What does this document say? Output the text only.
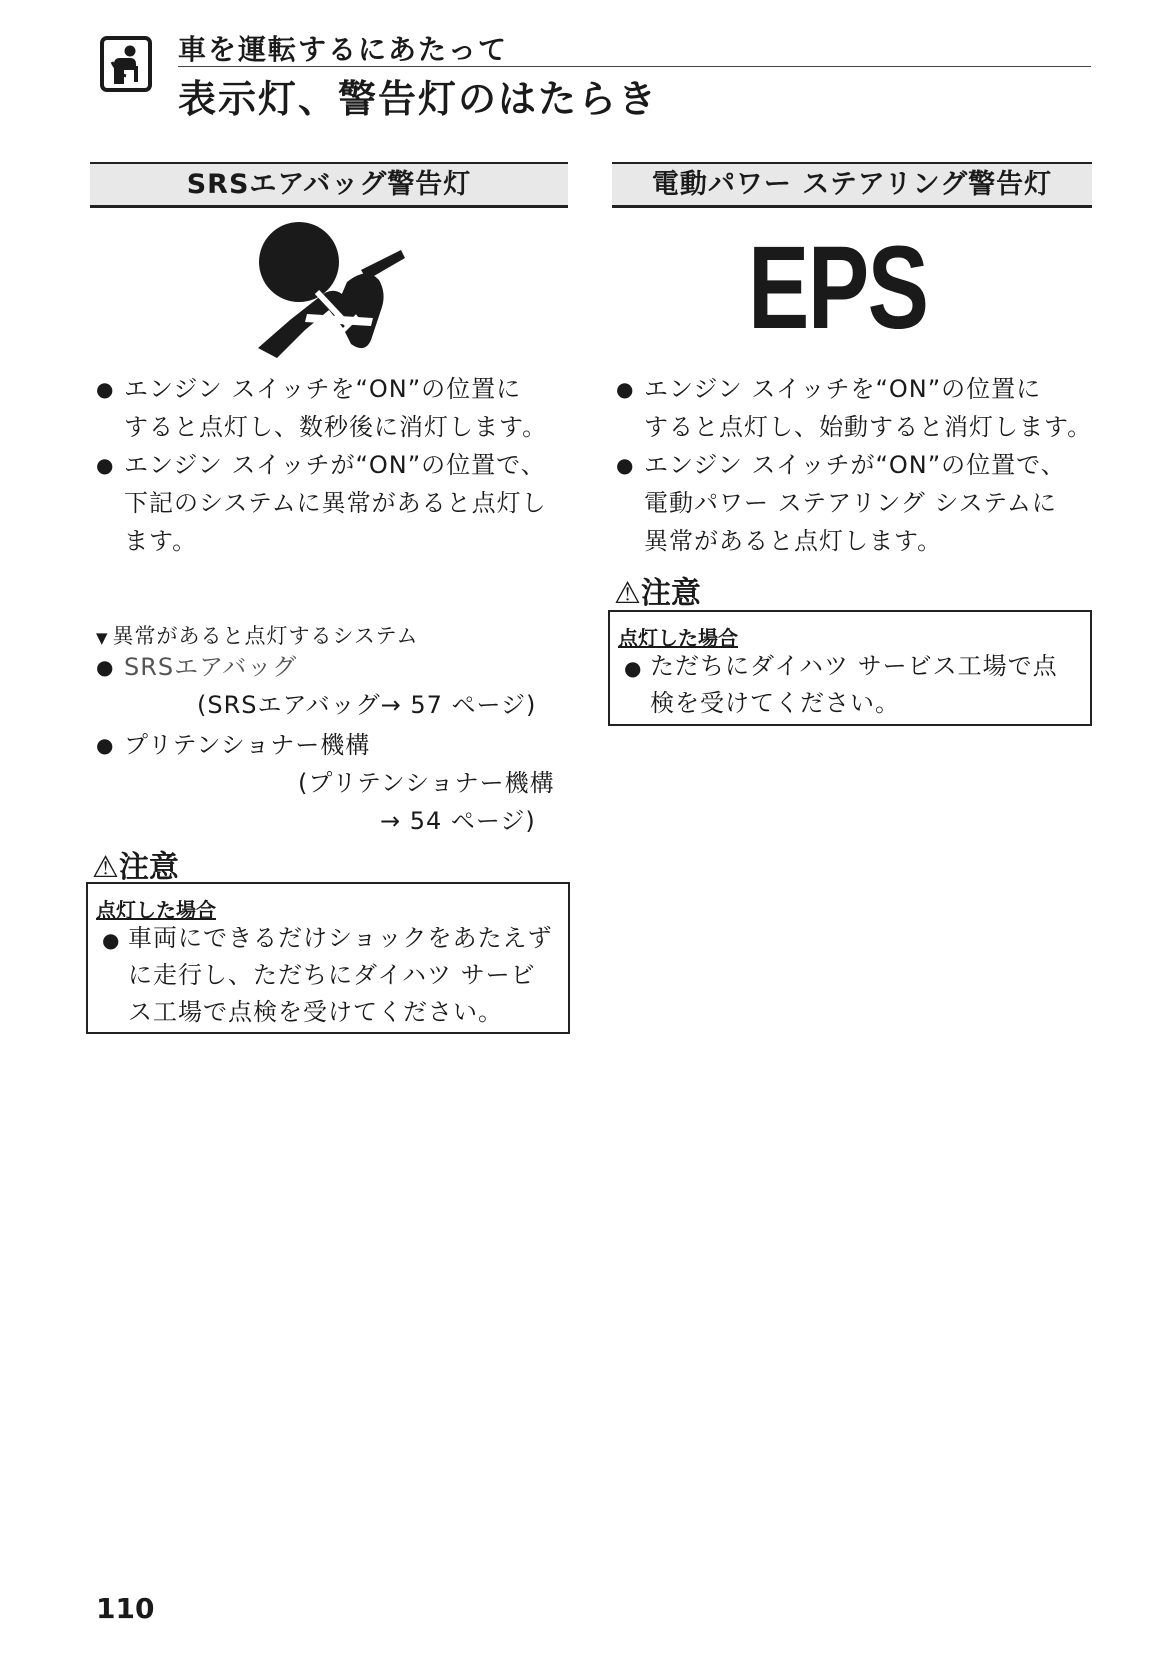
車を運転するにあたって
表示灯、警告灯のはたらき
SRSエアバッグ警告灯
● エンジン スイッチを“ON”の位置に
すると点灯し、数秒後に消灯します。
● エンジン スイッチが“ON”の位置で、
下記のシステムに異常があると点灯し
ます。
▼ 異常があると点灯するシステム
● SRSエアバッグ
(SRSエアバッグ→ 57 ページ)
● プリテンショナー機構
(プリテンショナー機構
→ 54 ページ)
⚠注意
点灯した場合
● 車両にできるだけショックをあたえず
に走行し、ただちにダイハツ サービ
ス工場で点検を受けてください。
電動パワー ステアリング警告灯
EPS
● エンジン スイッチを“ON”の位置に
すると点灯し、始動すると消灯します。
● エンジン スイッチが“ON”の位置で、
電動パワー ステアリング システムに
異常があると点灯します。
⚠注意
点灯した場合
● ただちにダイハツ サービス工場で点
検を受けてください。
110
